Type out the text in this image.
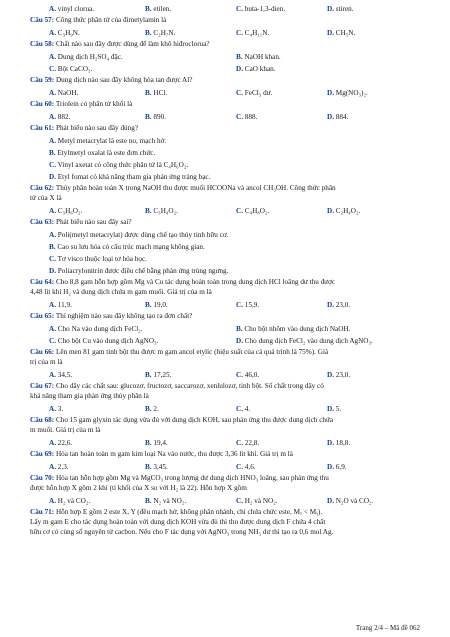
A. vinyl clorua.	B. etilen.	C. buta-1,3-dien.	D. stiren.
Câu 57: Công thức phân tử của đimetylamin là
A. C₃H₉N.	B. C₂H₇N.	C. C₄H₁₁N.	D. CH₅N.
Câu 58: Chất nào sau đây được dùng để làm khô hiđroclorua?
A. Dung dịch H₂SO₄ đặc.	B. NaOH khan.
C. Bột CaCO₃.	D. CaO khan.
Câu 59: Dung dịch nào sau đây không hòa tan được Al?
A. NaOH.	B. HCl.	C. FeCl₃ dư.	D. Mg(NO₃)₂.
Câu 60: Triolein có phân tử khối là
A. 882.	B. 890.	C. 888.	D. 884.
Câu 61: Phát biểu nào sau đây đúng?
A. Metyl metacrylat là este no, mạch hở.
B. Etylmetyl oxalat là este đơn chức.
C. Vinyl axetat có công thức phân tử là C₄H₆O₂.
D. Etyl fomat có khả năng tham gia phản ứng tráng bạc.
Câu 62: Thủy phân hoàn toàn X trong NaOH thu được muối HCOONa và ancol CH₃OH. Công thức phân
tử của X là
A. C₃H₆O₂.	B. C₃H₄O₂.	C. C₄H₈O₂.	D. C₂H₄O₂.
Câu 63: Phát biểu nào sau đây sai?
A. Poli(metyl metacrylat) được dùng chế tạo thủy tinh hữu cơ.
B. Cao su lưu hóa có cấu trúc mạch mạng không gian.
C. Tơ visco thuộc loại tơ hóa học.
D. Poliacrylonitrin được điều chế bằng phản ứng trùng ngưng.
Câu 64: Cho 8,8 gam hỗn hợp gồm Mg và Cu tác dụng hoàn toàn trong dung dịch HCl loãng dư thu được
4,48 lít khí H₂ và dung dịch chứa m gam muối. Giá trị của m là
A. 11,9.	B. 19,0.	C. 15,9.	D. 23,0.
Câu 65: Thí nghiệm nào sau đây không tạo ra đơn chất?
A. Cho Na vào dung dịch FeCl₂.	B. Cho bột nhôm vào dung dịch NaOH.
C. Cho bột Cu vào dung dịch AgNO₃.	D. Cho dung dịch FeCl₂ vào dung dịch AgNO₃.
Câu 66: Lên men 81 gam tinh bột thu được m gam ancol etylic (hiệu suất của cả quá trình là 75%). Giá
trị của m là
A. 34,5.	B. 17,25.	C. 46,0.	D. 23,0.
Câu 67: Cho dãy các chất sau: glucozơ, fructozơ, saccarozơ, xenlulozơ, tinh bột. Số chất trong dãy có
khả năng tham gia phản ứng thủy phân là
A. 3.	B. 2.	C. 4.	D. 5.
Câu 68: Cho 15 gam glyxin tác dụng vừa đủ với dung dịch KOH, sau phản ứng thu được dung dịch chứa
m muối. Giá trị của m là
A. 22,6.	B. 19,4.	C. 22,8.	D. 18,8.
Câu 69: Hòa tan hoàn toàn m gam kim loại Na vào nước, thu được 3,36 lít khí. Giá trị m là
A. 2,3.	B. 3,45.	C. 4,6.	D. 6,9.
Câu 70: Hòa tan hỗn hợp gồm Mg và MgCO₃ trong lượng dư dung dịch HNO₃ loãng, sau phản ứng thu
được hỗn hợp X gồm 2 khí (tỉ khối của X so với H₂ là 22). Hỗn hợp X gồm
A. H₂ và CO₂.	B. N₂ và NO₂.	C. H₂ và NO₂.	D. N₂O và CO₂.
Câu 71: Hỗn hợp E gồm 2 este X, Y (đều mạch hở, không phân nhánh, chỉ chứa chức este, Mₓ < Mᵧ).
Lấy m gam E cho tác dụng hoàn toàn với dung dịch KOH vừa đủ thì thu được dung dịch F chứa 4 chất
hữu cơ có cùng số nguyên tử cacbon. Nếu cho F tác dụng với AgNO₃ trong NH₃ dư thì tạo ra 0,6 mol Ag.
Trang 2/4 – Mã đề 062
